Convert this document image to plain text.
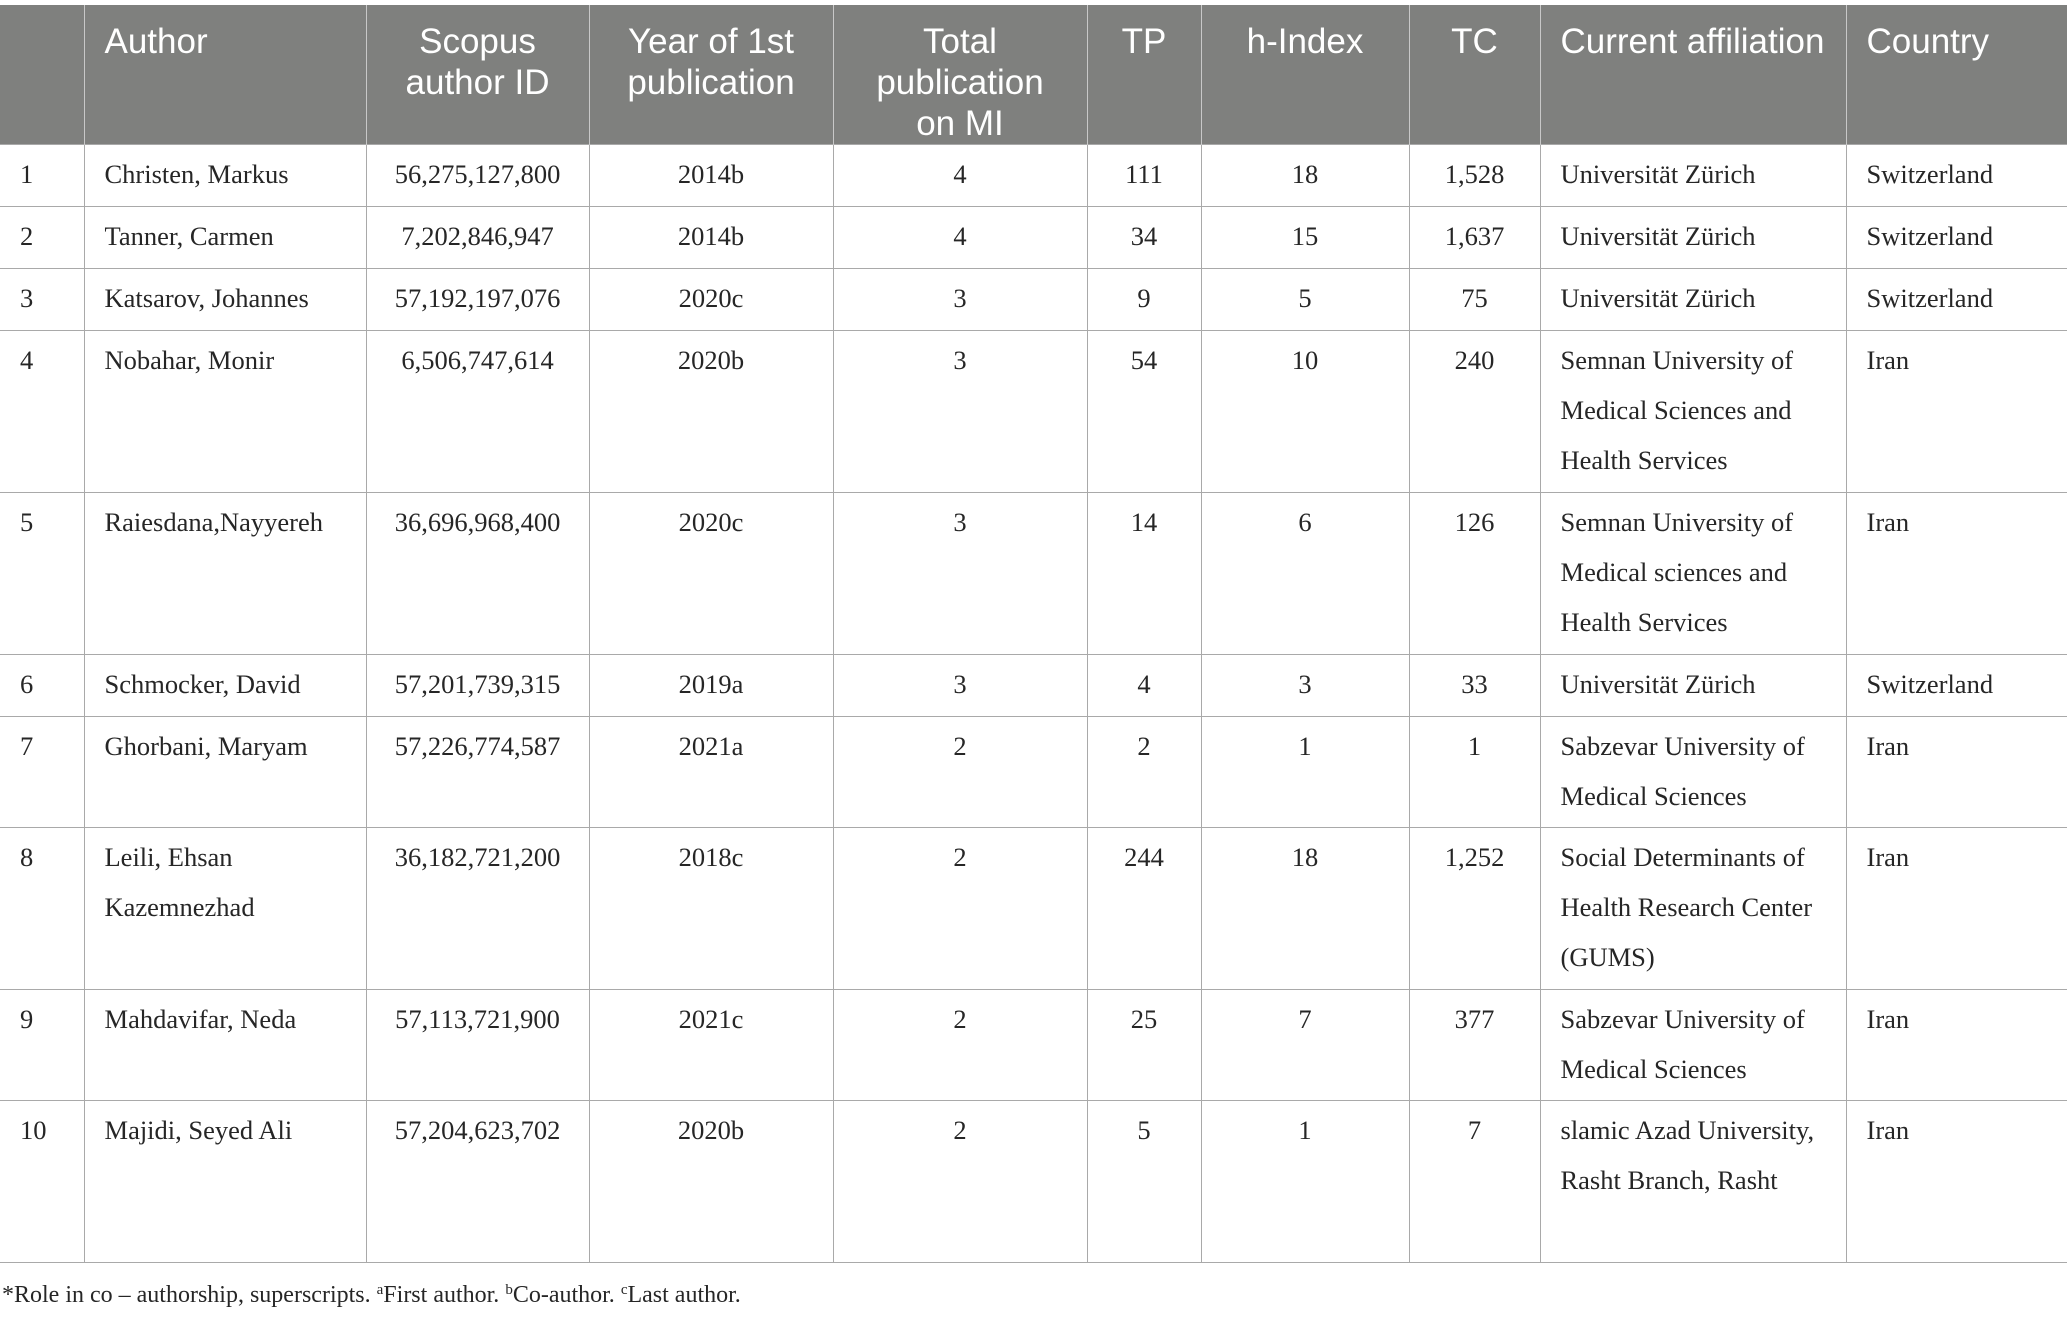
	Author	Scopus author ID	Year of 1st publication	Total publication on MI	TP	h-Index	TC	Current affiliation	Country
1	Christen, Markus	56,275,127,800	2014b	4	111	18	1,528	Universität Zürich	Switzerland
2	Tanner, Carmen	7,202,846,947	2014b	4	34	15	1,637	Universität Zürich	Switzerland
3	Katsarov, Johannes	57,192,197,076	2020c	3	9	5	75	Universität Zürich	Switzerland
4	Nobahar, Monir	6,506,747,614	2020b	3	54	10	240	Semnan University of Medical Sciences and Health Services	Iran
5	Raiesdana,Nayyereh	36,696,968,400	2020c	3	14	6	126	Semnan University of Medical sciences and Health Services	Iran
6	Schmocker, David	57,201,739,315	2019a	3	4	3	33	Universität Zürich	Switzerland
7	Ghorbani, Maryam	57,226,774,587	2021a	2	2	1	1	Sabzevar University of Medical Sciences	Iran
8	Leili, Ehsan Kazemnezhad	36,182,721,200	2018c	2	244	18	1,252	Social Determinants of Health Research Center (GUMS)	Iran
9	Mahdavifar, Neda	57,113,721,900	2021c	2	25	7	377	Sabzevar University of Medical Sciences	Iran
10	Majidi, Seyed Ali	57,204,623,702	2020b	2	5	1	7	slamic Azad University, Rasht Branch, Rasht	Iran
*Role in co – authorship, superscripts. $^a$First author. $^b$Co-author. $^c$Last author.
